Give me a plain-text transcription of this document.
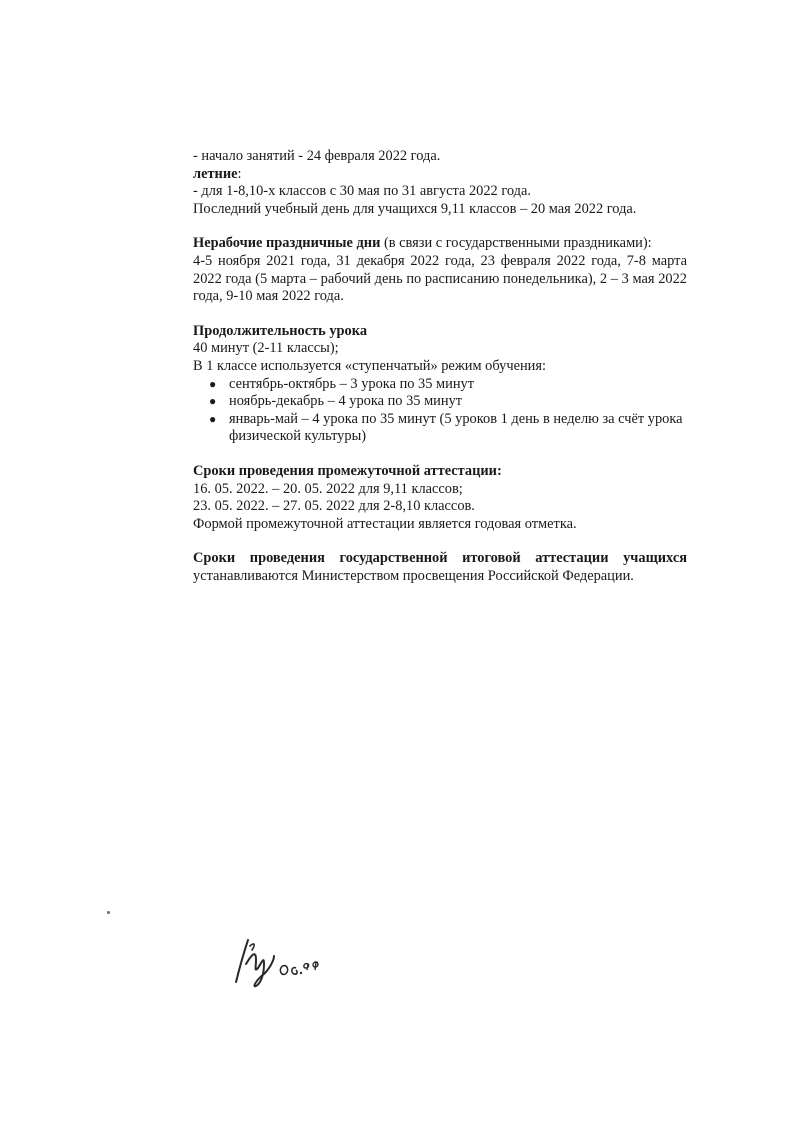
- начало занятий - 24 февраля 2022 года.

летние:

- для 1-8,10-х классов с 30 мая по 31 августа 2022 года.

Последний учебный день для учащихся 9,11 классов – 20 мая 2022 года.

Нерабочие праздничные дни (в связи с государственными праздниками):

4-5 ноября 2021 года, 31 декабря 2022 года, 23 февраля 2022 года, 7-8 марта 2022 года (5 марта – рабочий день по расписанию понедельника), 2 – 3 мая 2022 года, 9-10 мая 2022 года.

Продолжительность урока

40 минут (2-11 классы);

В 1 классе используется «ступенчатый» режим обучения:

● сентябрь-октябрь – 3 урока по 35 минут
● ноябрь-декабрь – 4 урока по 35 минут
● январь-май – 4 урока по 35 минут (5 уроков 1 день в неделю за счёт урока физической культуры)

Сроки проведения промежуточной аттестации:

16. 05. 2022. – 20. 05. 2022 для 9,11 классов;

23. 05. 2022. – 27. 05. 2022 для 2-8,10 классов.

Формой промежуточной аттестации является годовая отметка.

Сроки проведения государственной итоговой аттестации учащихся

устанавливаются Министерством просвещения Российской Федерации.
